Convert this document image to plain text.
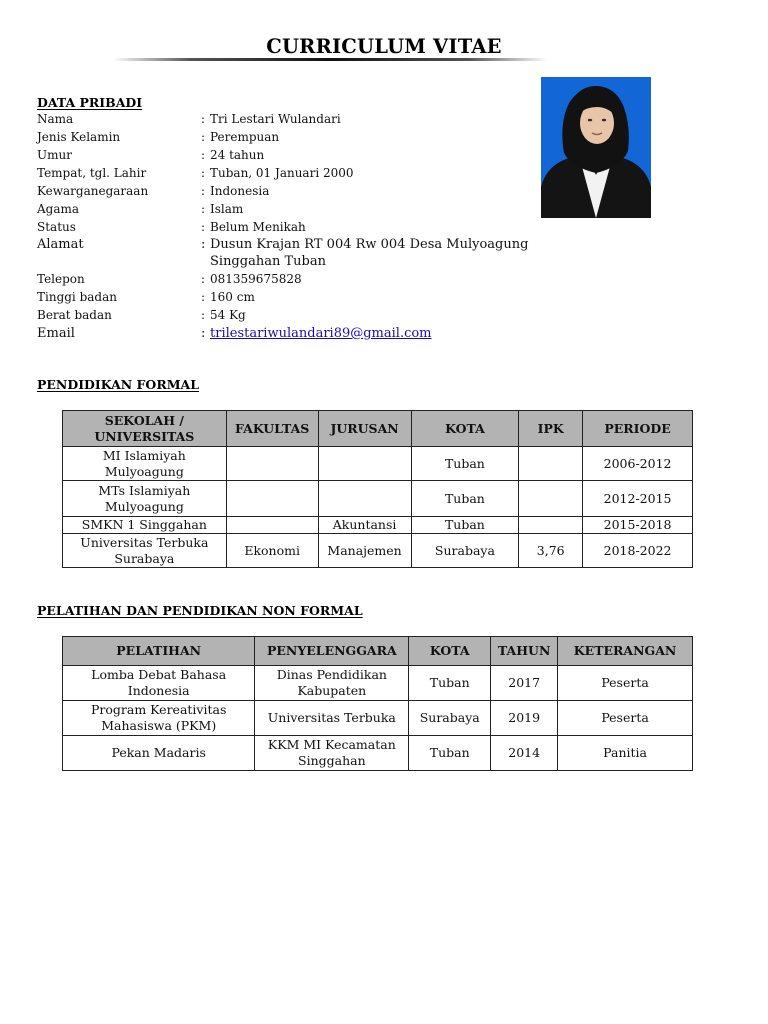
CURRICULUM VITAE
DATA PRIBADI
Nama	: Tri Lestari Wulandari
Jenis Kelamin	: Perempuan
Umur	: 24 tahun
Tempat, tgl. Lahir	: Tuban, 01 Januari 2000
Kewarganegaraan	: Indonesia
Agama	: Islam
Status	: Belum Menikah
Alamat	: Dusun Krajan RT 004 Rw 004 Desa Mulyoagung
Singgahan Tuban
Telepon	: 081359675828
Tinggi badan	: 160 cm
Berat badan	: 54 Kg
Email	: trilestariwulandari89@gmail.com
PENDIDIKAN FORMAL
SEKOLAH / UNIVERSITAS	FAKULTAS	JURUSAN	KOTA	IPK	PERIODE
MI Islamiyah Mulyoagung			Tuban		2006-2012
MTs Islamiyah Mulyoagung			Tuban		2012-2015
SMKN 1 Singgahan		Akuntansi	Tuban		2015-2018
Universitas Terbuka Surabaya	Ekonomi	Manajemen	Surabaya	3,76	2018-2022
PELATIHAN DAN PENDIDIKAN NON FORMAL
PELATIHAN	PENYELENGGARA	KOTA	TAHUN	KETERANGAN
Lomba Debat Bahasa Indonesia	Dinas Pendidikan Kabupaten	Tuban	2017	Peserta
Program Kereativitas Mahasiswa (PKM)	Universitas Terbuka	Surabaya	2019	Peserta
Pekan Madaris	KKM MI Kecamatan Singgahan	Tuban	2014	Panitia
